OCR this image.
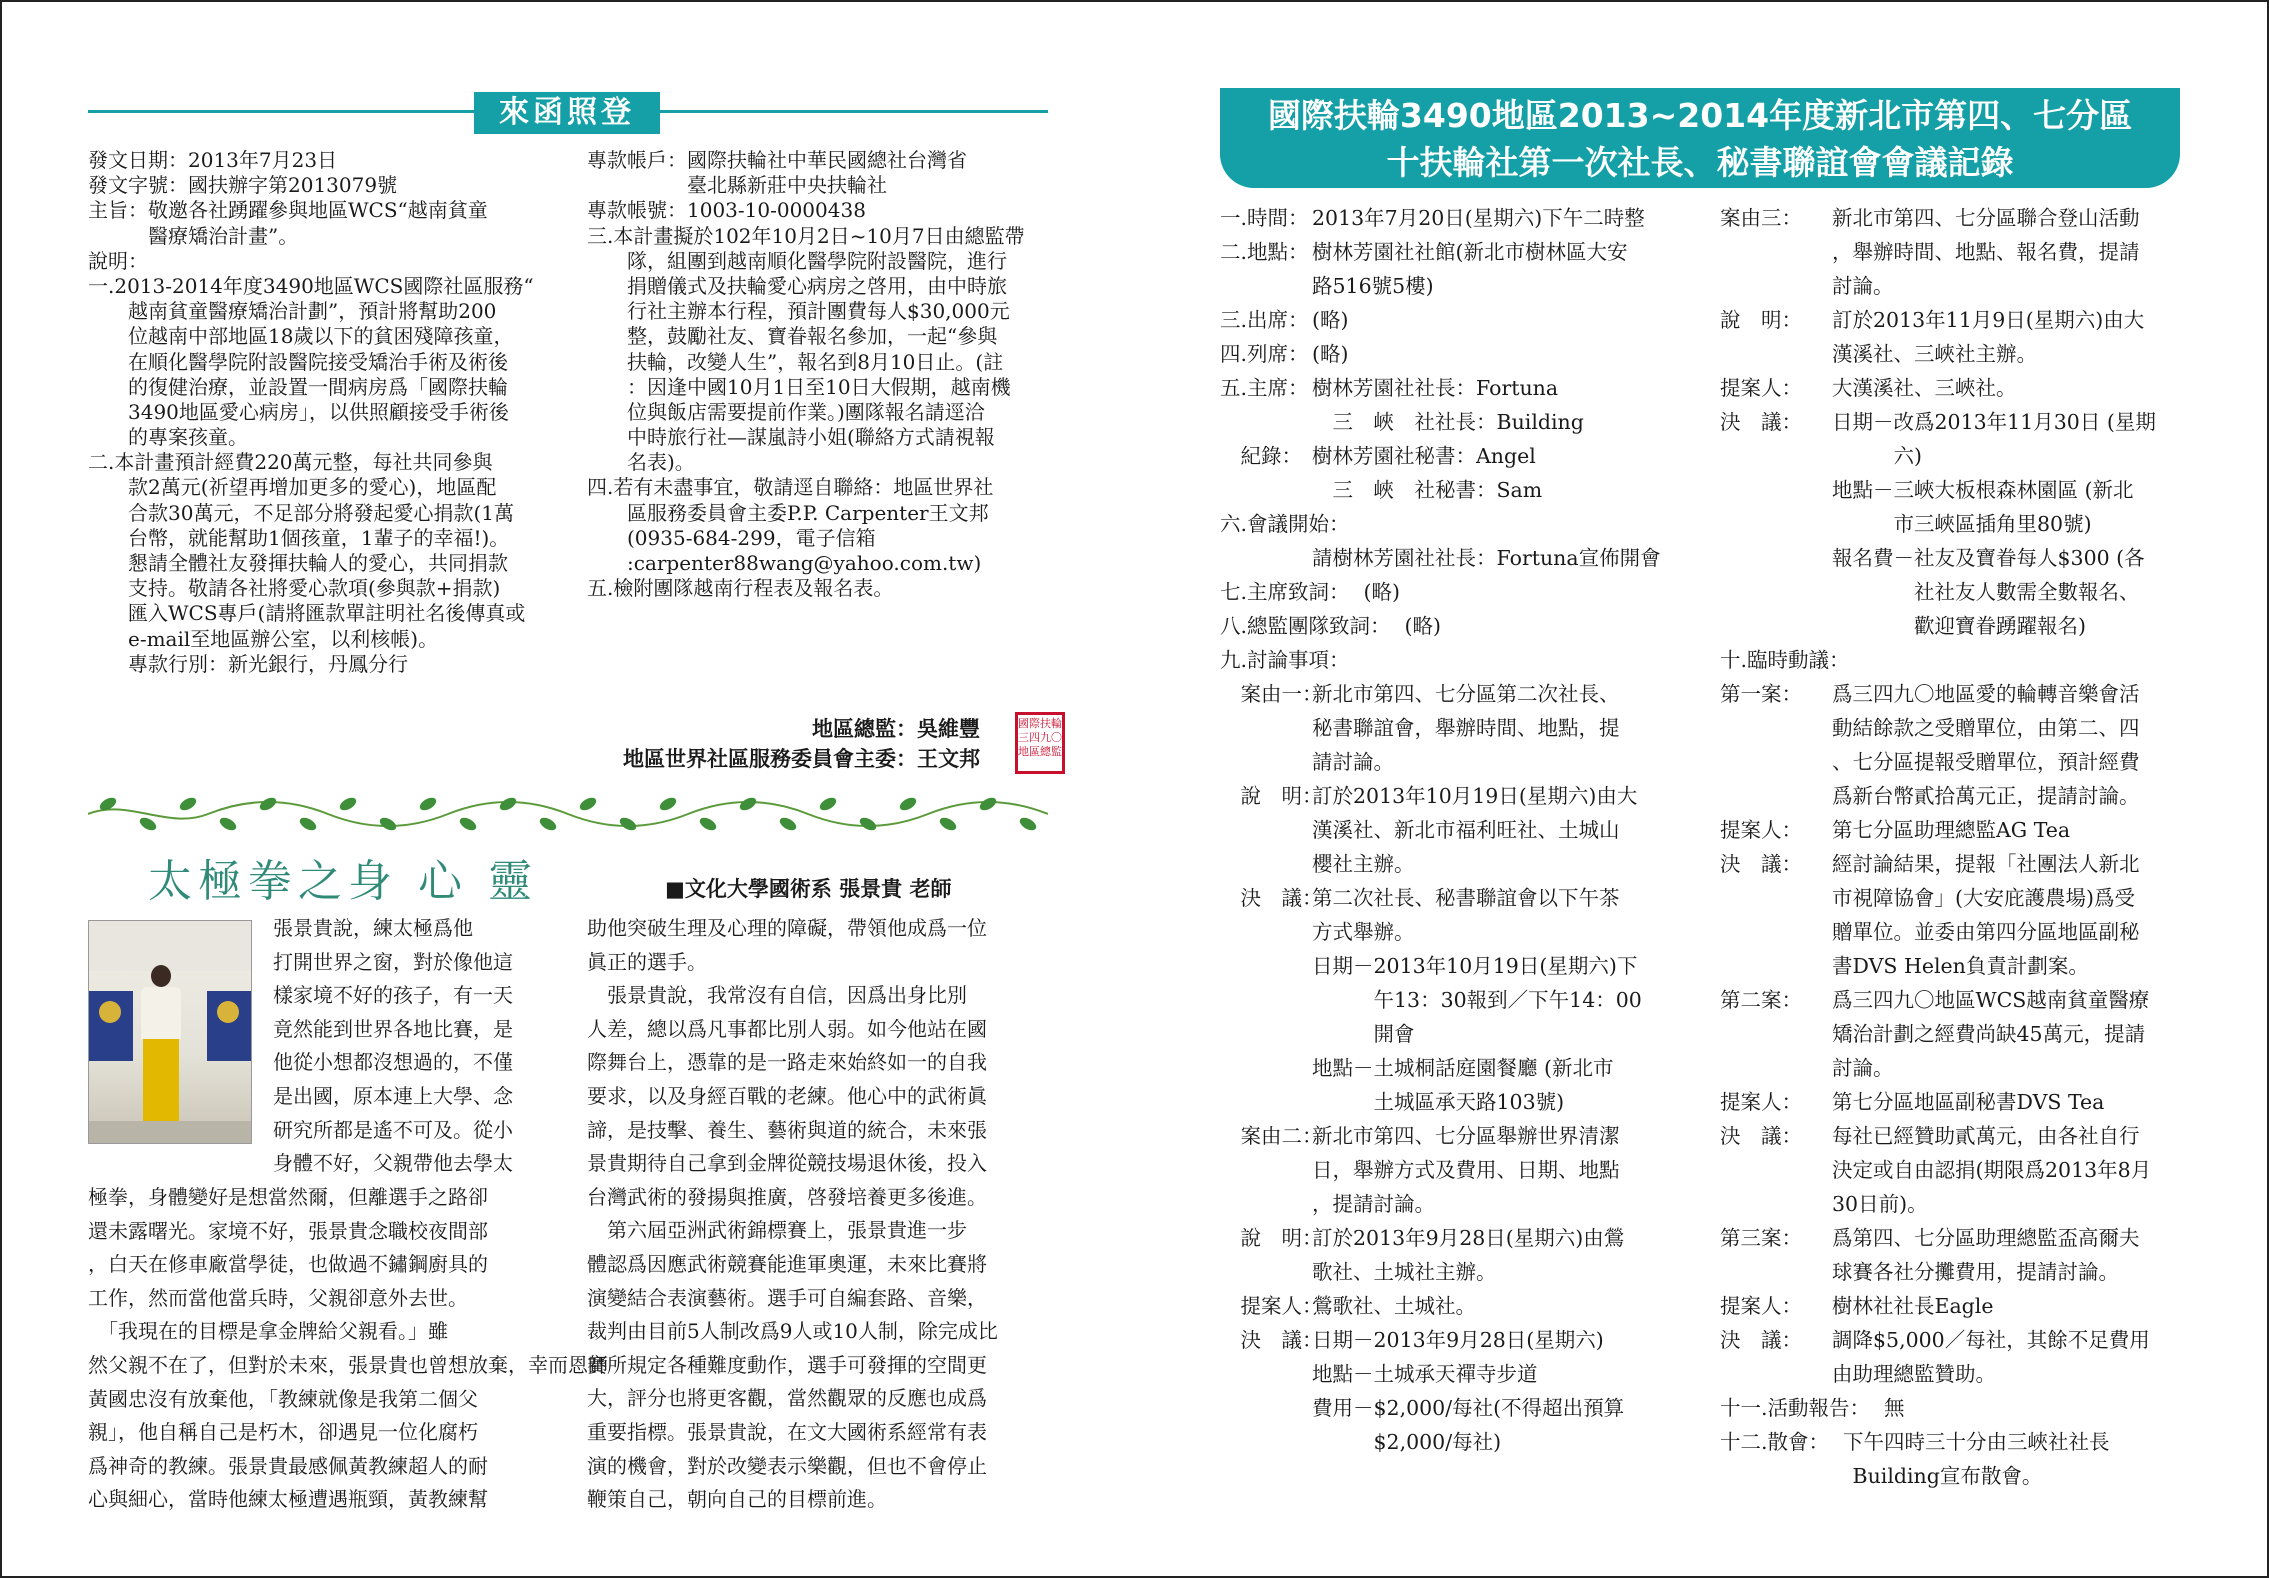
來函照登
發文日期：2013年7月23日
發文字號：國扶辦字第2013079號
主旨：敬邀各社踴躍參與地區WCS“越南貧童
　　　醫療矯治計畫”。
說明：
一.2013-2014年度3490地區WCS國際社區服務“
　　越南貧童醫療矯治計劃”，預計將幫助200
　　位越南中部地區18歲以下的貧困殘障孩童，
　　在順化醫學院附設醫院接受矯治手術及術後
　　的復健治療，並設置一間病房爲「國際扶輪
　　3490地區愛心病房」，以供照顧接受手術後
　　的專案孩童。
二.本計畫預計經費220萬元整，每社共同參與
　　款2萬元(祈望再增加更多的愛心)，地區配
　　合款30萬元，不足部分將發起愛心捐款(1萬
　　台幣，就能幫助1個孩童，1輩子的幸福!)。
　　懇請全體社友發揮扶輪人的愛心，共同捐款
　　支持。敬請各社將愛心款項(參與款+捐款)
　　匯入WCS專戶(請將匯款單註明社名後傳真或
　　e-mail至地區辦公室，以利核帳)。
　　專款行別：新光銀行，丹鳳分行
專款帳戶：國際扶輪社中華民國總社台灣省
　　　　　臺北縣新莊中央扶輪社
專款帳號：1003-10-0000438
三.本計畫擬於102年10月2日~10月7日由總監帶
　　隊，組團到越南順化醫學院附設醫院，進行
　　捐贈儀式及扶輪愛心病房之啓用，由中時旅
　　行社主辦本行程，預計團費每人$30,000元
　　整，鼓勵社友、寶眷報名參加，一起“參與
　　扶輪，改變人生”，報名到8月10日止。(註
　　：因逢中國10月1日至10日大假期，越南機
　　位與飯店需要提前作業。)團隊報名請逕洽
　　中時旅行社—謀嵐詩小姐(聯絡方式請視報
　　名表)。
四.若有未盡事宜，敬請逕自聯絡：地區世界社
　　區服務委員會主委P.P. Carpenter王文邦
　　(0935-684-299，電子信箱
　　:carpenter88wang@yahoo.com.tw)
五.檢附團隊越南行程表及報名表。
地區總監：吳維豐
地區世界社區服務委員會主委：王文邦
國際扶輪
三四九〇
地區總監
太極拳之身 心 靈	■文化大學國術系 張景貴 老師
張景貴說，練太極爲他
打開世界之窗，對於像他這
樣家境不好的孩子，有一天
竟然能到世界各地比賽，是
他從小想都沒想過的，不僅
是出國，原本連上大學、念
研究所都是遙不可及。從小
身體不好，父親帶他去學太
極拳，身體變好是想當然爾，但離選手之路卻
還未露曙光。家境不好，張景貴念職校夜間部
，白天在修車廠當學徒，也做過不鏽鋼廚具的
工作，然而當他當兵時，父親卻意外去世。
　「我現在的目標是拿金牌給父親看。」雖
然父親不在了，但對於未來，張景貴也曾想放棄，幸而恩師
黃國忠沒有放棄他，「教練就像是我第二個父
親」，他自稱自己是朽木，卻遇見一位化腐朽
爲神奇的教練。張景貴最感佩黃教練超人的耐
心與細心，當時他練太極遭遇瓶頸，黃教練幫
助他突破生理及心理的障礙，帶領他成爲一位
眞正的選手。
　張景貴說，我常沒有自信，因爲出身比別
人差，總以爲凡事都比別人弱。如今他站在國
際舞台上，憑靠的是一路走來始終如一的自我
要求，以及身經百戰的老練。他心中的武術眞
諦，是技擊、養生、藝術與道的統合，未來張
景貴期待自己拿到金牌從競技場退休後，投入
台灣武術的發揚與推廣，啓發培養更多後進。
　第六屆亞洲武術錦標賽上，張景貴進一步
體認爲因應武術競賽能進軍奧運，未來比賽將
演變結合表演藝術。選手可自編套路、音樂，
裁判由目前5人制改爲9人或10人制，除完成比
賽所規定各種難度動作，選手可發揮的空間更
大，評分也將更客觀，當然觀眾的反應也成爲
重要指標。張景貴說，在文大國術系經常有表
演的機會，對於改變表示樂觀，但也不會停止
鞭策自己，朝向自己的目標前進。
國際扶輪3490地區2013~2014年度新北市第四、七分區
十扶輪社第一次社長、秘書聯誼會會議記錄
一.時間： 2013年7月20日(星期六)下午二時整
二.地點： 樹林芳園社社館(新北市樹林區大安
路516號5樓)
三.出席： (略)
四.列席： (略)
五.主席： 樹林芳園社社長：Fortuna
　三　峽　社社長：Building
　紀錄： 樹林芳園社秘書：Angel
　三　峽　社秘書：Sam
六.會議開始：
請樹林芳園社社長：Fortuna宣佈開會
七.主席致詞： (略)
八.總監團隊致詞： (略)
九.討論事項：
　案由一：
新北市第四、七分區第二次社長、
秘書聯誼會，舉辦時間、地點，提
請討論。
　說　明：
訂於2013年10月19日(星期六)由大
漢溪社、新北市福利旺社、土城山
櫻社主辦。
　決　議：
第二次社長、秘書聯誼會以下午茶
方式舉辦。
日期－2013年10月19日(星期六)下
　　　午13：30報到／下午14：00
　　　開會
地點－土城桐話庭園餐廳 (新北市
　　　土城區承天路103號)
　案由二：
新北市第四、七分區舉辦世界清潔
日，舉辦方式及費用、日期、地點
，提請討論。
　說　明：
訂於2013年9月28日(星期六)由鶯
歌社、土城社主辦。
　提案人：
鶯歌社、土城社。
　決　議：
日期－2013年9月28日(星期六)
地點－土城承天禪寺步道
費用－$2,000/每社(不得超出預算
　　　$2,000/每社)
案由三： 新北市第四、七分區聯合登山活動
，舉辦時間、地點、報名費，提請
討論。
說　明： 訂於2013年11月9日(星期六)由大
漢溪社、三峽社主辦。
提案人： 大漢溪社、三峽社。
決　議： 日期－改爲2013年11月30日 (星期
　　　六)
地點－三峽大板根森林園區 (新北
　　　市三峽區插角里80號)
報名費－社友及寶眷每人$300 (各
　　　　社社友人數需全數報名、
　　　　歡迎寶眷踴躍報名)
十.臨時動議：
第一案： 爲三四九〇地區愛的輪轉音樂會活
動結餘款之受贈單位，由第二、四
、七分區提報受贈單位，預計經費
爲新台幣貳拾萬元正，提請討論。
提案人： 第七分區助理總監AG Tea
決　議： 經討論結果，提報「社團法人新北
市視障協會」(大安庇護農場)爲受
贈單位。並委由第四分區地區副秘
書DVS Helen負責計劃案。
第二案： 爲三四九〇地區WCS越南貧童醫療
矯治計劃之經費尚缺45萬元，提請
討論。
提案人： 第七分區地區副秘書DVS Tea
決　議： 每社已經贊助貳萬元，由各社自行
決定或自由認捐(期限爲2013年8月
30日前)。
第三案： 爲第四、七分區助理總監盃高爾夫
球賽各社分攤費用，提請討論。
提案人： 樹林社社長Eagle
決　議： 調降$5,000／每社，其餘不足費用
由助理總監贊助。
十一.活動報告： 無
十二.散會： 下午四時三十分由三峽社社長
　Building宣布散會。
